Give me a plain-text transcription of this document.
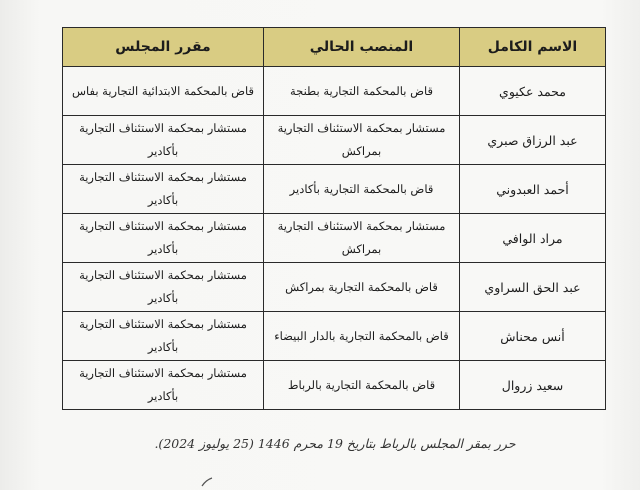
الاسم الكامل	المنصب الحالي	مقرر المجلس
محمد عكيوي	قاض بالمحكمة التجارية بطنجة	قاض بالمحكمة الابتدائية التجارية بفاس
عبد الرزاق صبري	مستشار بمحكمة الاستئناف التجارية بمراكش	مستشار بمحكمة الاستئناف التجارية بأكادير
أحمد العبدوني	قاض بالمحكمة التجارية بأكادير	مستشار بمحكمة الاستئناف التجارية بأكادير
مراد الوافي	مستشار بمحكمة الاستئناف التجارية بمراكش	مستشار بمحكمة الاستئناف التجارية بأكادير
عبد الحق السراوي	قاض بالمحكمة التجارية بمراكش	مستشار بمحكمة الاستئناف التجارية بأكادير
أنس محناش	قاض بالمحكمة التجارية بالدار البيضاء	مستشار بمحكمة الاستئناف التجارية بأكادير
سعيد زروال	قاض بالمحكمة التجارية بالرباط	مستشار بمحكمة الاستئناف التجارية بأكادير
حرر بمقر المجلس بالرباط بتاريخ 19 محرم 1446 (25 يوليوز 2024).
